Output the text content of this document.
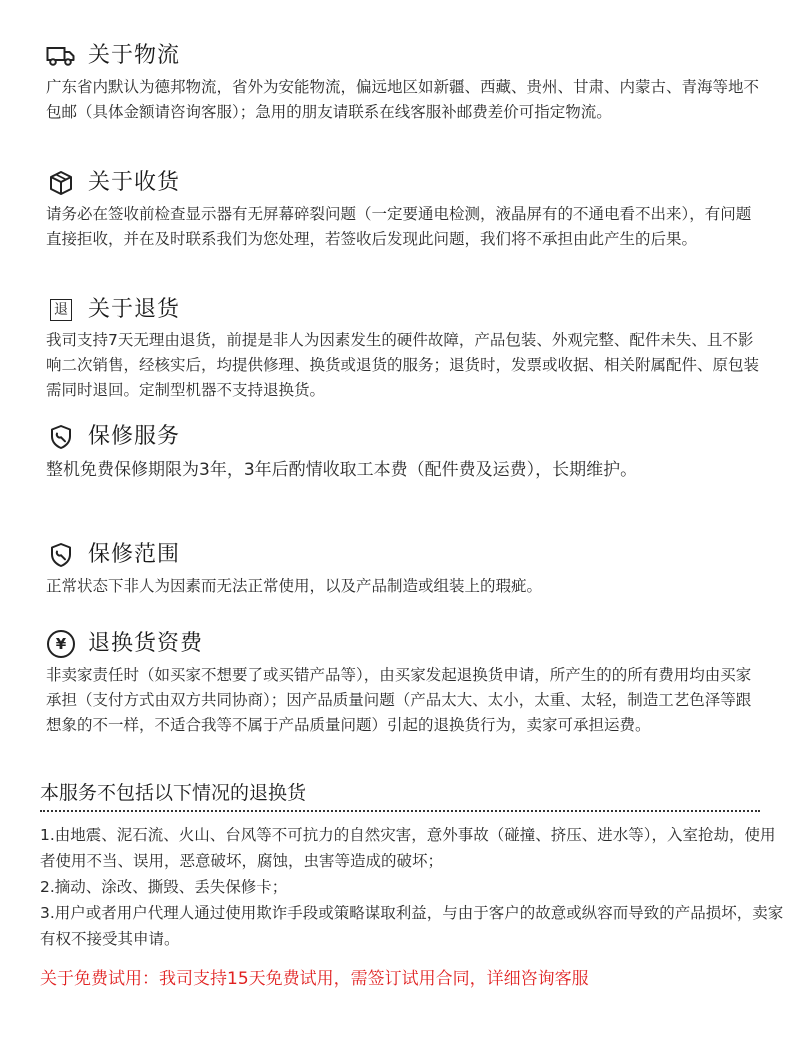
关于物流
广东省内默认为德邦物流，省外为安能物流，偏远地区如新疆、西藏、贵州、甘肃、内蒙古、青海等地不包邮（具体金额请咨询客服）；急用的朋友请联系在线客服补邮费差价可指定物流。
关于收货
请务必在签收前检查显示器有无屏幕碎裂问题（一定要通电检测，液晶屏有的不通电看不出来），有问题直接拒收，并在及时联系我们为您处理，若签收后发现此问题，我们将不承担由此产生的后果。
退 关于退货
我司支持7天无理由退货，前提是非人为因素发生的硬件故障，产品包装、外观完整、配件未失、且不影响二次销售，经核实后，均提供修理、换货或退货的服务；退货时，发票或收据、相关附属配件、原包装需同时退回。定制型机器不支持退换货。
保修服务
整机免费保修期限为3年，3年后酌情收取工本费（配件费及运费），长期维护。
保修范围
正常状态下非人为因素而无法正常使用，以及产品制造或组装上的瑕疵。
¥ 退换货资费
非卖家责任时（如买家不想要了或买错产品等），由买家发起退换货申请，所产生的的所有费用均由买家承担（支付方式由双方共同协商）；因产品质量问题（产品太大、太小，太重、太轻，制造工艺色泽等跟想象的不一样，不适合我等不属于产品质量问题）引起的退换货行为，卖家可承担运费。
本服务不包括以下情况的退换货

1.由地震、泥石流、火山、台风等不可抗力的自然灾害，意外事故（碰撞、挤压、进水等），入室抢劫，使用者使用不当、误用，恶意破坏，腐蚀，虫害等造成的破坏；

2.摘动、涂改、撕毁、丢失保修卡；

3.用户或者用户代理人通过使用欺诈手段或策略谋取利益，与由于客户的故意或纵容而导致的产品损坏，卖家有权不接受其申请。

关于免费试用：我司支持15天免费试用，需签订试用合同，详细咨询客服
